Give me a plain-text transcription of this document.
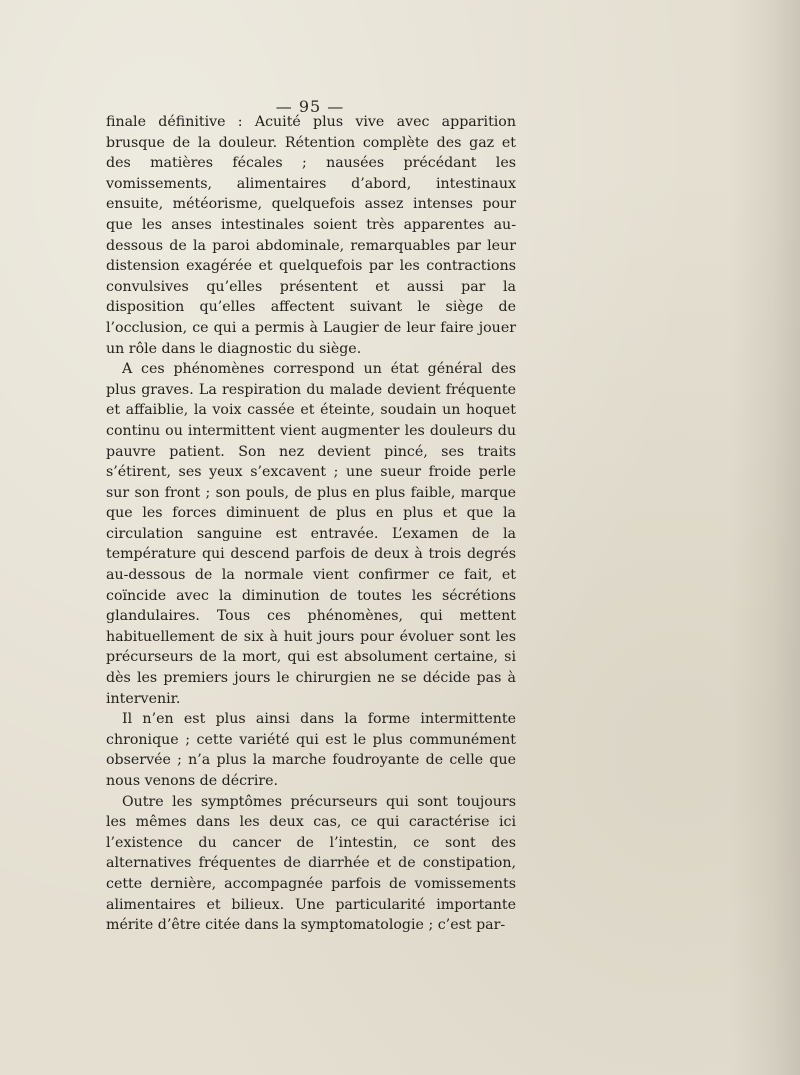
— 95 —

finale définitive : Acuité plus vive avec apparition brusque de la douleur. Rétention complète des gaz et des matières fécales ; nausées précédant les vomissements, alimentaires d’abord, intestinaux ensuite, météorisme, quelquefois assez intenses pour que les anses intestinales soient très apparentes au-dessous de la paroi abdominale, remarquables par leur distension exagérée et quelquefois par les contractions convulsives qu’elles présentent et aussi par la disposition qu’elles affectent suivant le siège de l’occlusion, ce qui a permis à Laugier de leur faire jouer un rôle dans le diagnostic du siège.

A ces phénomènes correspond un état général des plus graves. La respiration du malade devient fréquente et affaiblie, la voix cassée et éteinte, soudain un hoquet continu ou intermittent vient augmenter les douleurs du pauvre patient. Son nez devient pincé, ses traits s’étirent, ses yeux s’excavent ; une sueur froide perle sur son front ; son pouls, de plus en plus faible, marque que les forces diminuent de plus en plus et que la circulation sanguine est entravée. L’examen de la température qui descend parfois de deux à trois degrés au-dessous de la normale vient confirmer ce fait, et coïncide avec la diminution de toutes les sécrétions glandulaires. Tous ces phénomènes, qui mettent habituellement de six à huit jours pour évoluer sont les précurseurs de la mort, qui est absolument certaine, si dès les premiers jours le chirurgien ne se décide pas à intervenir.

Il n’en est plus ainsi dans la forme intermittente chronique ; cette variété qui est le plus communément observée ; n’a plus la marche foudroyante de celle que nous venons de décrire.

Outre les symptômes précurseurs qui sont toujours les mêmes dans les deux cas, ce qui caractérise ici l’existence du cancer de l’intestin, ce sont des alternatives fréquentes de diarrhée et de constipation, cette dernière, accompagnée parfois de vomissements alimentaires et bilieux. Une particularité importante mérite d’être citée dans la symptomatologie ; c’est par-
